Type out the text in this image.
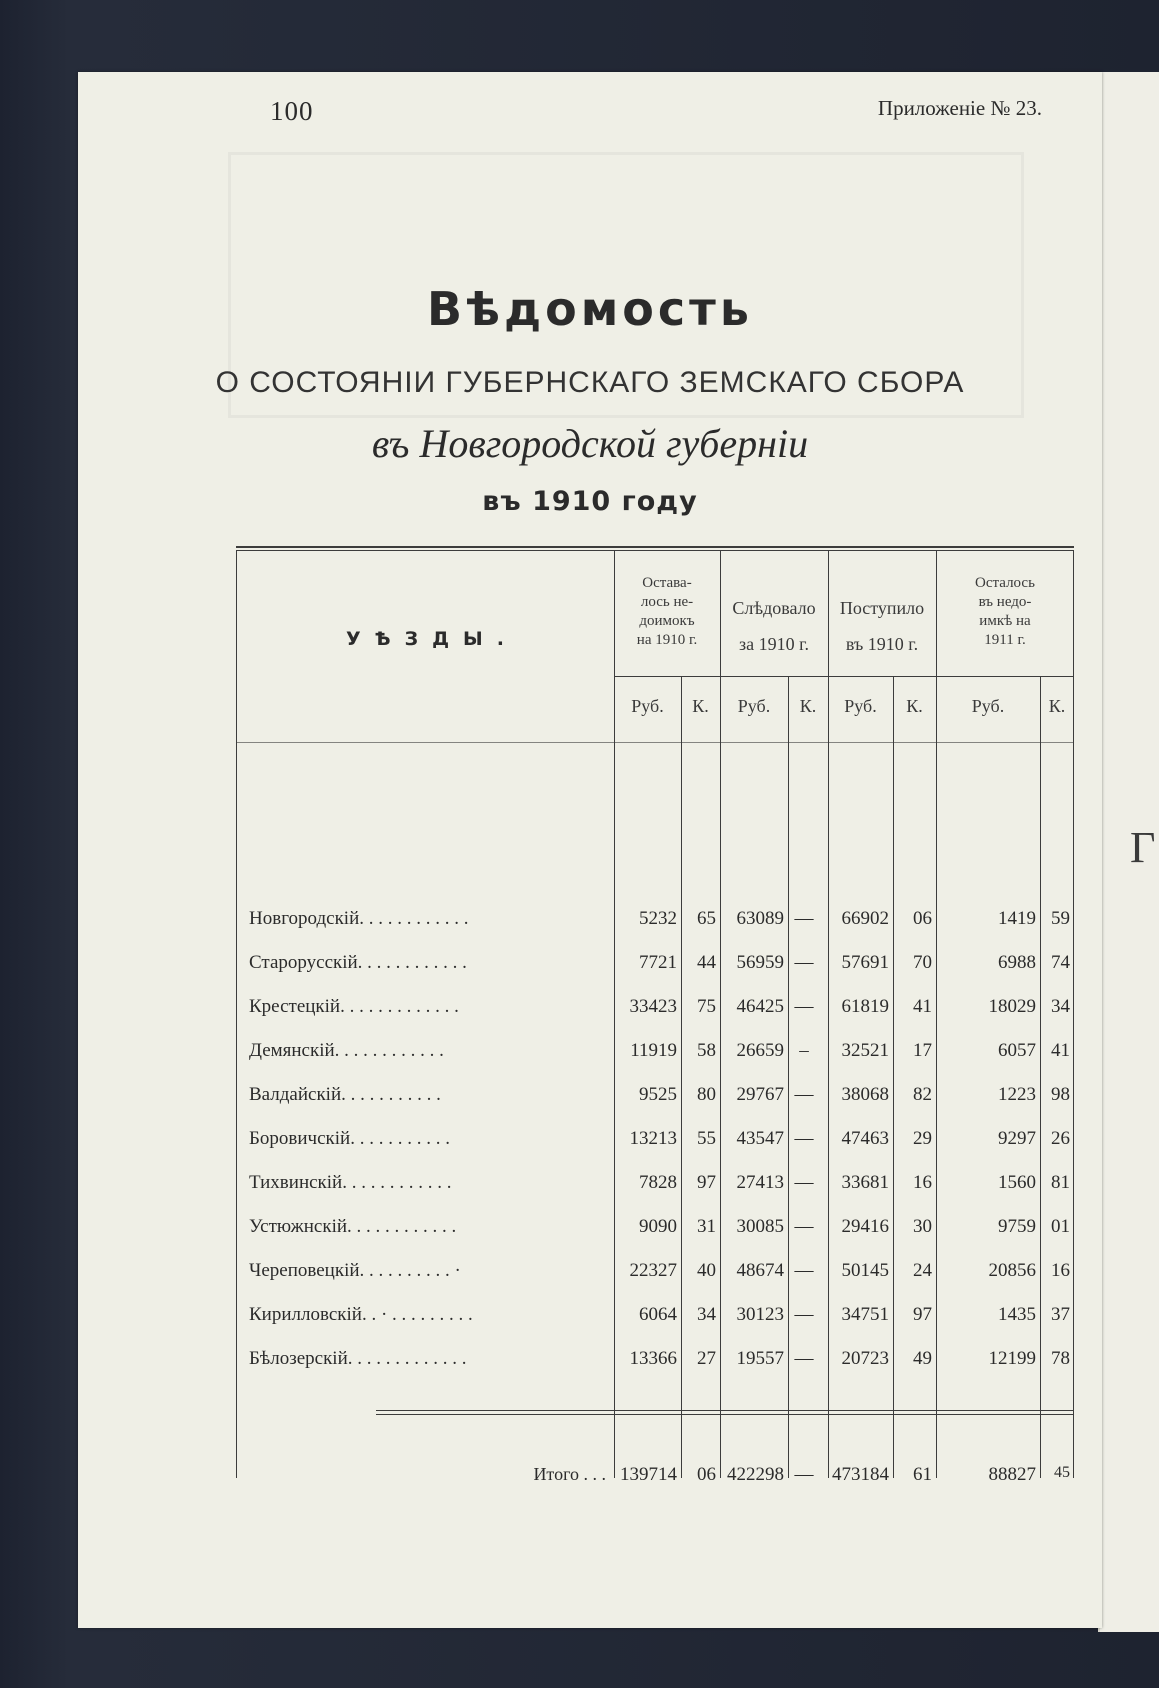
Г
100	Приложеніе № 23.
Вѣдомость
О СОСТОЯНІИ ГУБЕРНСКАГО ЗЕМСКАГО СБОРА
въ Новгородской губерніи
въ 1910 году
УѢЗДЫ.
Остава-
лось не-
доимокъ
на 1910 г.
Слѣдовало
за 1910 г.
Поступило
въ 1910 г.
Осталось
въ недо-
имкѣ на
1911 г.
Руб.	К.	Руб.	К.	Руб.	К.	Руб.	К.
Новгородскій. . . . . . . . . . . .	5232	65	63089 —	66902	06	1419 59
Старорусскій. . . . . . . . . . . .	7721	44	56959 —	57691	70	6988 74
Крестецкій. . . . . . . . . . . . .	33423	75	46425 —	61819	41	18029 34
Демянскій. . . . . . . . . . . .	11919	58	26659 –	32521	17	6057 41
Валдайскій. . . . . . . . . . .	9525	80	29767 —	38068	82	1223 98
Боровичскій. . . . . . . . . . .	13213	55	43547 —	47463	29	9297 26
Тихвинскій. . . . . . . . . . . .	7828	97	27413 —	33681	16	1560 81
Устюжнскій. . . . . . . . . . . .	9090	31	30085 —	29416	30	9759 01
Череповецкій. . . . . . . . . . ·	22327	40	48674 —	50145	24	20856 16
Кирилловскій. . · . . . . . . . . .	6064	34	30123 —	34751	97	1435 37
Бѣлозерскій. . . . . . . . . . . . .	13366	27	19557 —	20723	49	12199 78
Итого . . . 139714	06 422298 — 473184	61	88827	45
